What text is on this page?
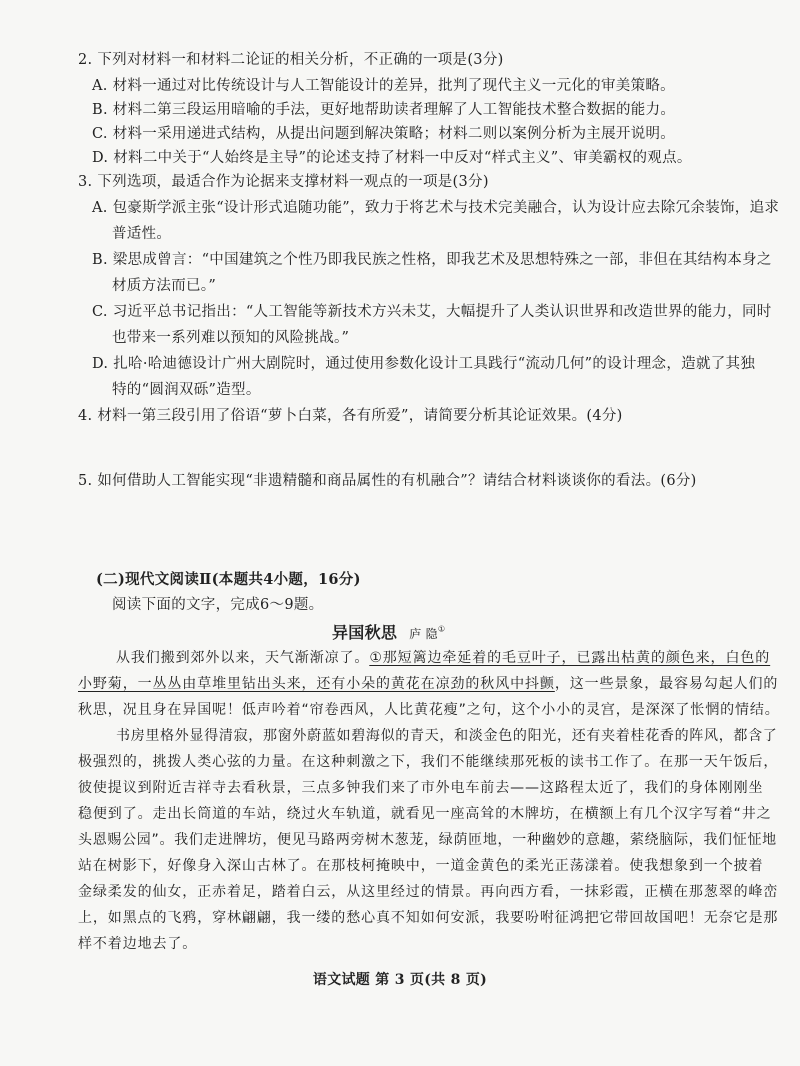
2. 下列对材料一和材料二论证的相关分析，不正确的一项是(3分)
A. 材料一通过对比传统设计与人工智能设计的差异，批判了现代主义一元化的审美策略。
B. 材料二第三段运用暗喻的手法，更好地帮助读者理解了人工智能技术整合数据的能力。
C. 材料一采用递进式结构，从提出问题到解决策略；材料二则以案例分析为主展开说明。
D. 材料二中关于“人始终是主导”的论述支持了材料一中反对“样式主义”、审美霸权的观点。
3. 下列选项，最适合作为论据来支撑材料一观点的一项是(3分)
A. 包豪斯学派主张“设计形式追随功能”，致力于将艺术与技术完美融合，认为设计应去除冗余装饰，追求
普适性。
B. 梁思成曾言：“中国建筑之个性乃即我民族之性格，即我艺术及思想特殊之一部，非但在其结构本身之
材质方法而已。”
C. 习近平总书记指出：“人工智能等新技术方兴未艾，大幅提升了人类认识世界和改造世界的能力，同时
也带来一系列难以预知的风险挑战。”
D. 扎哈·哈迪德设计广州大剧院时，通过使用参数化设计工具践行“流动几何”的设计理念，造就了其独
特的“圆润双砾”造型。
4. 材料一第三段引用了俗语“萝卜白菜，各有所爱”，请简要分析其论证效果。(4分)
5. 如何借助人工智能实现“非遗精髓和商品属性的有机融合”？请结合材料谈谈你的看法。(6分)
(二)现代文阅读Ⅱ(本题共4小题，16分)
阅读下面的文字，完成6～9题。
异国秋思 庐 隐①
从我们搬到郊外以来，天气渐渐凉了。①那短篱边牵延着的毛豆叶子，已露出枯黄的颜色来，白色的
小野菊，一丛丛由草堆里钻出头来，还有小朵的黄花在凉劲的秋风中抖颤，这一些景象，最容易勾起人们的
秋思，况且身在异国呢！低声吟着“帘卷西风，人比黄花瘦”之句，这个小小的灵宫，是深深了怅惘的情结。
书房里格外显得清寂，那窗外蔚蓝如碧海似的青天，和淡金色的阳光，还有夹着桂花香的阵风，都含了
极强烈的，挑拨人类心弦的力量。在这种刺激之下，我们不能继续那死板的读书工作了。在那一天午饭后，
彼使提议到附近吉祥寺去看秋景，三点多钟我们来了市外电车前去——这路程太近了，我们的身体刚刚坐
稳便到了。走出长筒道的车站，绕过火车轨道，就看见一座高耸的木牌坊，在横额上有几个汉字写着“井之
头恩赐公园”。我们走进牌坊，便见马路两旁树木葱茏，绿荫匝地，一种幽妙的意趣，萦绕脑际，我们怔怔地
站在树影下，好像身入深山古林了。在那枝柯掩映中，一道金黄色的柔光正荡漾着。使我想象到一个披着
金绿柔发的仙女，正赤着足，踏着白云，从这里经过的情景。再向西方看，一抹彩霞，正横在那葱翠的峰峦
上，如黑点的飞鸦，穿林翩翩，我一缕的愁心真不知如何安派，我要吩咐征鸿把它带回故国吧！无奈它是那
样不着边地去了。
语文试题 第 3 页(共 8 页)
